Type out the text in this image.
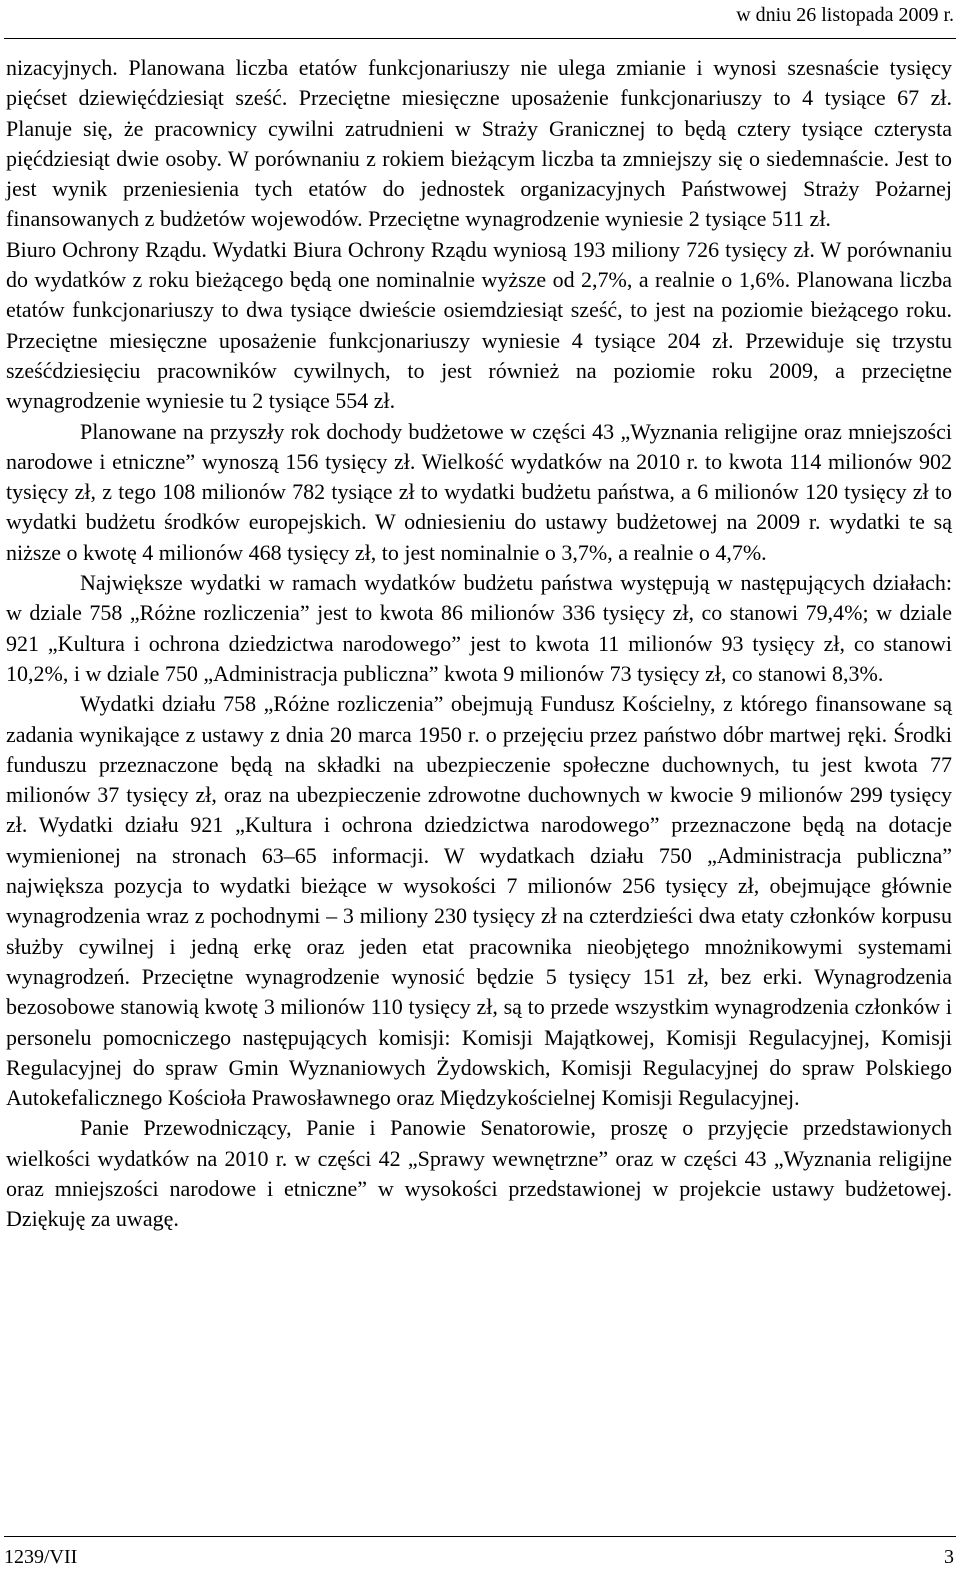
w dniu 26 listopada 2009 r.

nizacyjnych. Planowana liczba etatów funkcjonariuszy nie ulega zmianie i wynosi szesnaście tysięcy pięćset dziewięćdziesiąt sześć. Przeciętne miesięczne uposażenie funkcjonariuszy to 4 tysiące 67 zł. Planuje się, że pracownicy cywilni zatrudnieni w Straży Granicznej to będą cztery tysiące czterysta pięćdziesiąt dwie osoby. W porównaniu z rokiem bieżącym liczba ta zmniejszy się o siedemnaście. Jest to jest wynik przeniesienia tych etatów do jednostek organizacyjnych Państwowej Straży Pożarnej finansowanych z budżetów wojewodów. Przeciętne wynagrodzenie wyniesie 2 tysiące 511 zł.

Biuro Ochrony Rządu. Wydatki Biura Ochrony Rządu wyniosą 193 miliony 726 tysięcy zł. W porównaniu do wydatków z roku bieżącego będą one nominalnie wyższe od 2,7%, a realnie o 1,6%. Planowana liczba etatów funkcjonariuszy to dwa tysiące dwieście osiemdziesiąt sześć, to jest na poziomie bieżącego roku. Przeciętne miesięczne uposażenie funkcjonariuszy wyniesie 4 tysiące 204 zł. Przewiduje się trzystu sześćdziesięciu pracowników cywilnych, to jest również na poziomie roku 2009, a przeciętne wynagrodzenie wyniesie tu 2 tysiące 554 zł.

Planowane na przyszły rok dochody budżetowe w części 43 „Wyznania religijne oraz mniejszości narodowe i etniczne” wynoszą 156 tysięcy zł. Wielkość wydatków na 2010 r. to kwota 114 milionów 902 tysięcy zł, z tego 108 milionów 782 tysiące zł to wydatki budżetu państwa, a 6 milionów 120 tysięcy zł to wydatki budżetu środków europejskich. W odniesieniu do ustawy budżetowej na 2009 r. wydatki te są niższe o kwotę 4 milionów 468 tysięcy zł, to jest nominalnie o 3,7%, a realnie o 4,7%.

Największe wydatki w ramach wydatków budżetu państwa występują w następujących działach: w dziale 758 „Różne rozliczenia” jest to kwota 86 milionów 336 tysięcy zł, co stanowi 79,4%; w dziale 921 „Kultura i ochrona dziedzictwa narodowego” jest to kwota 11 milionów 93 tysięcy zł, co stanowi 10,2%, i w dziale 750 „Administracja publiczna” kwota 9 milionów 73 tysięcy zł, co stanowi 8,3%.

Wydatki działu 758 „Różne rozliczenia” obejmują Fundusz Kościelny, z którego finansowane są zadania wynikające z ustawy z dnia 20 marca 1950 r. o przejęciu przez państwo dóbr martwej ręki. Środki funduszu przeznaczone będą na składki na ubezpieczenie społeczne duchownych, tu jest kwota 77 milionów 37 tysięcy zł, oraz na ubezpieczenie zdrowotne duchownych w kwocie 9 milionów 299 tysięcy zł. Wydatki działu 921 „Kultura i ochrona dziedzictwa narodowego” przeznaczone będą na dotacje wymienionej na stronach 63–65 informacji. W wydatkach działu 750 „Administracja publiczna” największa pozycja to wydatki bieżące w wysokości 7 milionów 256 tysięcy zł, obejmujące głównie wynagrodzenia wraz z pochodnymi – 3 miliony 230 tysięcy zł na czterdzieści dwa etaty członków korpusu służby cywilnej i jedną erkę oraz jeden etat pracownika nieobjętego mnożnikowymi systemami wynagrodzeń. Przeciętne wynagrodzenie wynosić będzie 5 tysięcy 151 zł, bez erki. Wynagrodzenia bezosobowe stanowią kwotę 3 milionów 110 tysięcy zł, są to przede wszystkim wynagrodzenia członków i personelu pomocniczego następujących komisji: Komisji Majątkowej, Komisji Regulacyjnej, Komisji Regulacyjnej do spraw Gmin Wyznaniowych Żydowskich, Komisji Regulacyjnej do spraw Polskiego Autokefalicznego Kościoła Prawosławnego oraz Międzykościelnej Komisji Regulacyjnej.

Panie Przewodniczący, Panie i Panowie Senatorowie, proszę o przyjęcie przedstawionych wielkości wydatków na 2010 r. w części 42 „Sprawy wewnętrzne” oraz w części 43 „Wyznania religijne oraz mniejszości narodowe i etniczne” w wysokości przedstawionej w projekcie ustawy budżetowej. Dziękuję za uwagę.

1239/VII	3
